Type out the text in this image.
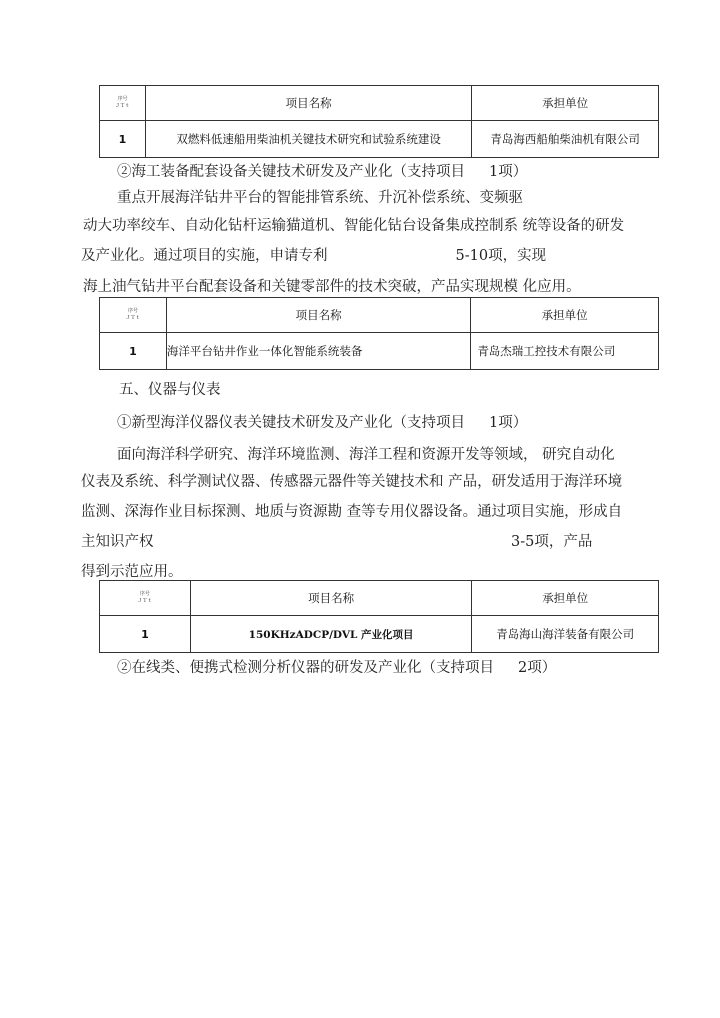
序号
ＪＴｔ	项目名称	承担单位
1	双燃料低速船用柴油机关键技术研究和试验系统建设	青岛海西船舶柴油机有限公司
②海工装备配套设备关键技术研发及产业化（支持项目 1项）
重点开展海洋钻井平台的智能排管系统、升沉补偿系统、变频驱
动大功率绞车、自动化钻杆运输猫道机、智能化钻台设备集成控制系 统等设备的研发
及产业化。通过项目的实施，申请专利	5-10项，实现
海上油气钻井平台配套设备和关键零部件的技术突破，产品实现规模 化应用。
序号
ＪＴｔ	项目名称	承担单位
1	海洋平台钻井作业一体化智能系统装备	青岛杰瑞工控技术有限公司
五、仪器与仪表
①新型海洋仪器仪表关键技术研发及产业化（支持项目 1项）
面向海洋科学研究、海洋环境监测、海洋工程和资源开发等领域， 研究自动化
仪表及系统、科学测试仪器、传感器元器件等关键技术和 产品，研发适用于海洋环境
监测、深海作业目标探测、地质与资源勘 查等专用仪器设备。通过项目实施，形成自
主知识产权	3-5项，产品
得到示范应用。
序号
ＪＴｔ	项目名称	承担单位
1	150KHzADCP/DVL 产业化项目	青岛海山海洋装备有限公司
②在线类、便携式检测分析仪器的研发及产业化（支持项目 2项）
